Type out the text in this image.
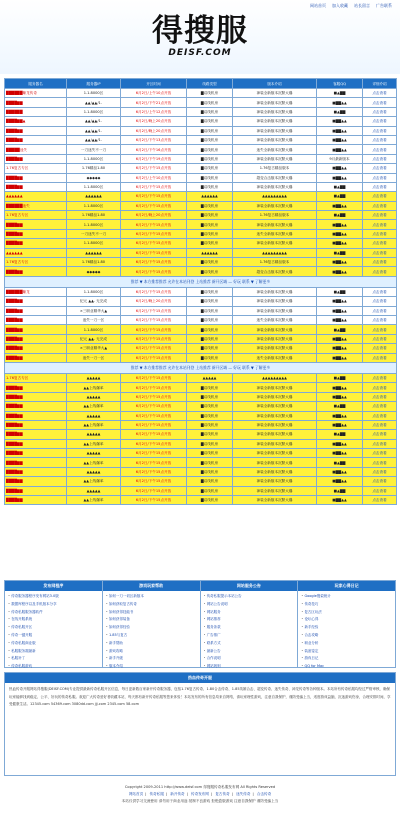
网站首页 加入收藏 站长留言 广告联系
得搜服
DEISF.COM
服务器名	服务器IP	开区时间	线路类型	版本介绍	客服QQ	详细介绍
██████紫龙传奇	1.1.8000区	6月2日/上午10点开放	▇双线机房	神装全新版本沉默大爆	■▲▇▇	点击查看
████▇▇	▲▲/▲▲/1.	6月2日/下午21点开放	▇双线机房	神装全新版本沉默大爆	■▇▇▲▲	点击查看
██████	1.1.8000区	6月2日/上午12点开放	▇双线机房	神装全新版本沉默大爆	■▲▇▇	点击查看
████▇▇▲	▲▲/▲▲/1.	6月2日/晚上20点开放	▇双线机房	神装全新版本沉默大爆	■▇▇▲▲	点击查看
████▇▇	▲▲/▲▲/1.	6月2日/晚上20点开放	▇双线机房	神装全新版本沉默大爆	■▇▇▲▲	点击查看
████▇▇	▲▲/▲▲/1.	6月2日/下午13点开放	▇双线机房	神装全新版本沉默大爆	■▇▇▲▲	点击查看
█████迷失	一刀迷失不一刀	6月2日/下午16点开放	▇双线机房	迷失全新版本沉默大爆	■▇▇▲▲	点击查看
████▇▇	1.1.8000区	6月2日/下午19点开放	▇双线机房	神装全新版本沉默大爆	9月最新版本	点击查看
1.76复古专区	1.76精品1.80	6月2日/下午15点开放	▇双线机房	1.76复古精品版本	■▇▇▲▲	点击查看
████▇▇	◆◆◆◆◆	6月2日/上午10点开放	▇双线机房	超变合击版本沉默大爆	■▇▇▲▲	点击查看
████▇▇	1.1.8000区	6月2日/下午15点开放	▇双线机房	神装全新版本沉默大爆	■▲▇▇	点击查看
▲▲▲▲▲▲	▲▲▲▲▲▲	6月2日/下午15点开放	▲▲▲▲▲▲	▲▲▲▲▲▲▲▲▲	■▲▇▇	点击查看
██████迷失	1.1.8000区	6月2日/下午15点开放	▇双线机房	神装全新版本沉默大爆	■▇▇▲▲	点击查看
1.76复古专区	1.76精品1.80	6月2日/晚上20点开放	▇双线机房	1.76复古精品版本	■▲▇▇	点击查看
████▇▇	1.1.8000区	6月2日/下午15点开放	▇双线机房	神装全新版本沉默大爆	■▇▇▲▲	点击查看
████▇▇	一刀迷失不一刀	6月2日/下午15点开放	▇双线机房	迷失全新版本沉默大爆	■▇▇▲▲	点击查看
████▇▇	1.1.8000区	6月2日/下午15点开放	▇双线机房	神装全新版本沉默大爆	■▇▇▲▲	点击查看
▲▲▲▲▲▲	▲▲▲▲▲▲	6月2日/下午15点开放	▲▲▲▲▲▲	▲▲▲▲▲▲▲▲▲	■▲▇▇	点击查看
1.76复古专区	1.76精品1.80	6月2日/下午15点开放	▇双线机房	1.76复古精品版本	■▇▇▲▲	点击查看
████▇▇	◆◆◆◆◆	6月2日/下午15点开放	▇双线机房	超变合击版本沉默大爆	■▇▇▲▲	点击查看
推荐 ▼ 本方推荐推荐 允许在本站刊登 上站推荐 新开区域 — 好玩 联系 ▼ 了解更多						
██████紫龙	1.1.8000区	6月2日/下午15点开放	▇双线机房	神装全新版本沉默大爆	■▲▇▇	点击查看
████▇▇	纪元 ▲▲. 无完成	6月2日/晚上20点开放	▇双线机房	神装全新版本沉默大爆	■▇▇▲▲	点击查看
████▇▇	×三职业精华大▲	6月2日/下午15点开放	▇双线机房	神装全新版本沉默大爆	■▇▇▲▲	点击查看
████▇▇	迷失一刀一区	6月2日/下午15点开放	▇双线机房	迷失全新版本沉默大爆	■▇▇▲▲	点击查看
████▇▇	1.1.8000区	6月2日/下午15点开放	▇双线机房	神装全新版本沉默大爆	■▲▇▇	点击查看
████▇▇	纪元 ▲▲. 无完成	6月2日/下午15点开放	▇双线机房	神装全新版本沉默大爆	■▇▇▲▲	点击查看
████▇▇	×三职业精华大▲	6月2日/下午15点开放	▇双线机房	神装全新版本沉默大爆	■▇▇▲▲	点击查看
████▇▇	迷失一刀一区	6月2日/下午15点开放	▇双线机房	迷失全新版本沉默大爆	■▇▇▲▲	点击查看
推荐 ▼ 本方推荐推荐 允许在本站刊登 上站推荐 新开区域 — 好玩 联系 ▼ 了解更多						
1.76复古专区	▲▲▲▲▲	6月2日/下午15点开放	▲▲▲▲▲	▲▲▲▲▲▲▲▲▲	■▲▇▇	点击查看
████▇▇	▲▲上线爆率	6月2日/下午15点开放	▇双线机房	神装全新版本沉默大爆	■▇▇▲▲	点击查看
████▇▇	▲▲▲▲▲	6月2日/下午15点开放	▇双线机房	神装全新版本沉默大爆	■▇▇▲▲	点击查看
████▇▇	▲▲上线爆率	6月2日/下午15点开放	▇双线机房	神装全新版本沉默大爆	■▲▇▇	点击查看
████▇▇	▲▲▲▲▲	6月2日/下午15点开放	▇双线机房	神装全新版本沉默大爆	■▇▇▲▲	点击查看
████▇▇	▲▲上线爆率	6月2日/下午15点开放	▇双线机房	神装全新版本沉默大爆	■▇▇▲▲	点击查看
████▇▇	▲▲▲▲▲	6月2日/下午15点开放	▇双线机房	神装全新版本沉默大爆	■▲▇▇	点击查看
████▇▇	▲▲上线爆率	6月2日/下午15点开放	▇双线机房	神装全新版本沉默大爆	■▇▇▲▲	点击查看
████▇▇	▲▲▲▲▲	6月2日/下午15点开放	▇双线机房	神装全新版本沉默大爆	■▇▇▲▲	点击查看
████▇▇	▲▲上线爆率	6月2日/下午15点开放	▇双线机房	神装全新版本沉默大爆	■▲▇▇	点击查看
████▇▇	▲▲▲▲▲	6月2日/下午15点开放	▇双线机房	神装全新版本沉默大爆	■▇▇▲▲	点击查看
████▇▇	▲▲上线爆率	6月2日/下午15点开放	▇双线机房	神装全新版本沉默大爆	■▇▇▲▲	点击查看
████▇▇	▲▲▲▲▲	6月2日/下午15点开放	▇双线机房	神装全新版本沉默大爆	■▲▇▇	点击查看
████▇▇	▲▲上线爆率	6月2日/下午15点开放	▇双线机房	神装全新版本沉默大爆	■▇▇▲▲	点击查看
发布网程序
• 传奇服务器程序发布网站3.0版
• 数据库程序以及手机版本分享
• 传奇私服服务器软件
• 在线开服系统
• 传奇私服开区
• 传奇一键开服
• 传奇私服商业版
• 私服服务端最新
• 私服补丁
• 传奇私服游戏
游戏玩家帮助
• 如何一刀一切区新版本
• 如何获取复古传奇
• 如何获得技能书
• 如何获得装备
• 如何获得经验
• 1.85与复古
• 新手帮助
• 游戏攻略
• 新手升级
• 版本介绍
网站服务公告
• 传奇私服提示本站公告
• 网站公告说明
• 网站服务
• 网站推荐
• 服务条款
• 广告推广
• 联系方式
• 最新公告
• 合作说明
• 网站规则
玩家心得日记
• Google搜索统计
• 传奇技巧
• 复古区玩法
• 论坛心得
• 新手经验
• 合击攻略
• 职业分析
• 装备鉴定
• 游戏日记
• QQ for Mac
热血传奇开服
热血传奇开服网站得搜服(DEISF.COM)专业提供最新传奇私服开区信息，每日更新数百家新开传奇服务器，包括1.76复古传奇、1.80合击传奇、1.85英雄合击、超变传奇、迷失传奇、神龙传奇等各种版本。本站所有传奇私服均经过严格审核，确保玩家能够找到稳定、公平、好玩的传奇私服。欢迎广大传奇爱好者收藏本站，每天都有新开传奇私服等您来体验！本站发布的所有信息均来自网络，请玩家理性游戏，注意自我保护，谨防受骗上当，适度游戏益脑，沉迷游戏伤身，合理安排时间，享受健康生活。12345.com 54369.com 3080dd.com jjj.com 2345.com 58.com
Copyright 2009-2011 http://www.deisf.com 得搜服传奇私服发布网 All Rights Reserved
网站首页 | 传奇私服 | 新开传奇 | 传奇发布网 | 复古传奇 | 迷失传奇 | 合击传奇
本站仅供学习交流使用 请勿用于商业用途 抵制不良游戏 拒绝盗版游戏 注意自我保护 谨防受骗上当
